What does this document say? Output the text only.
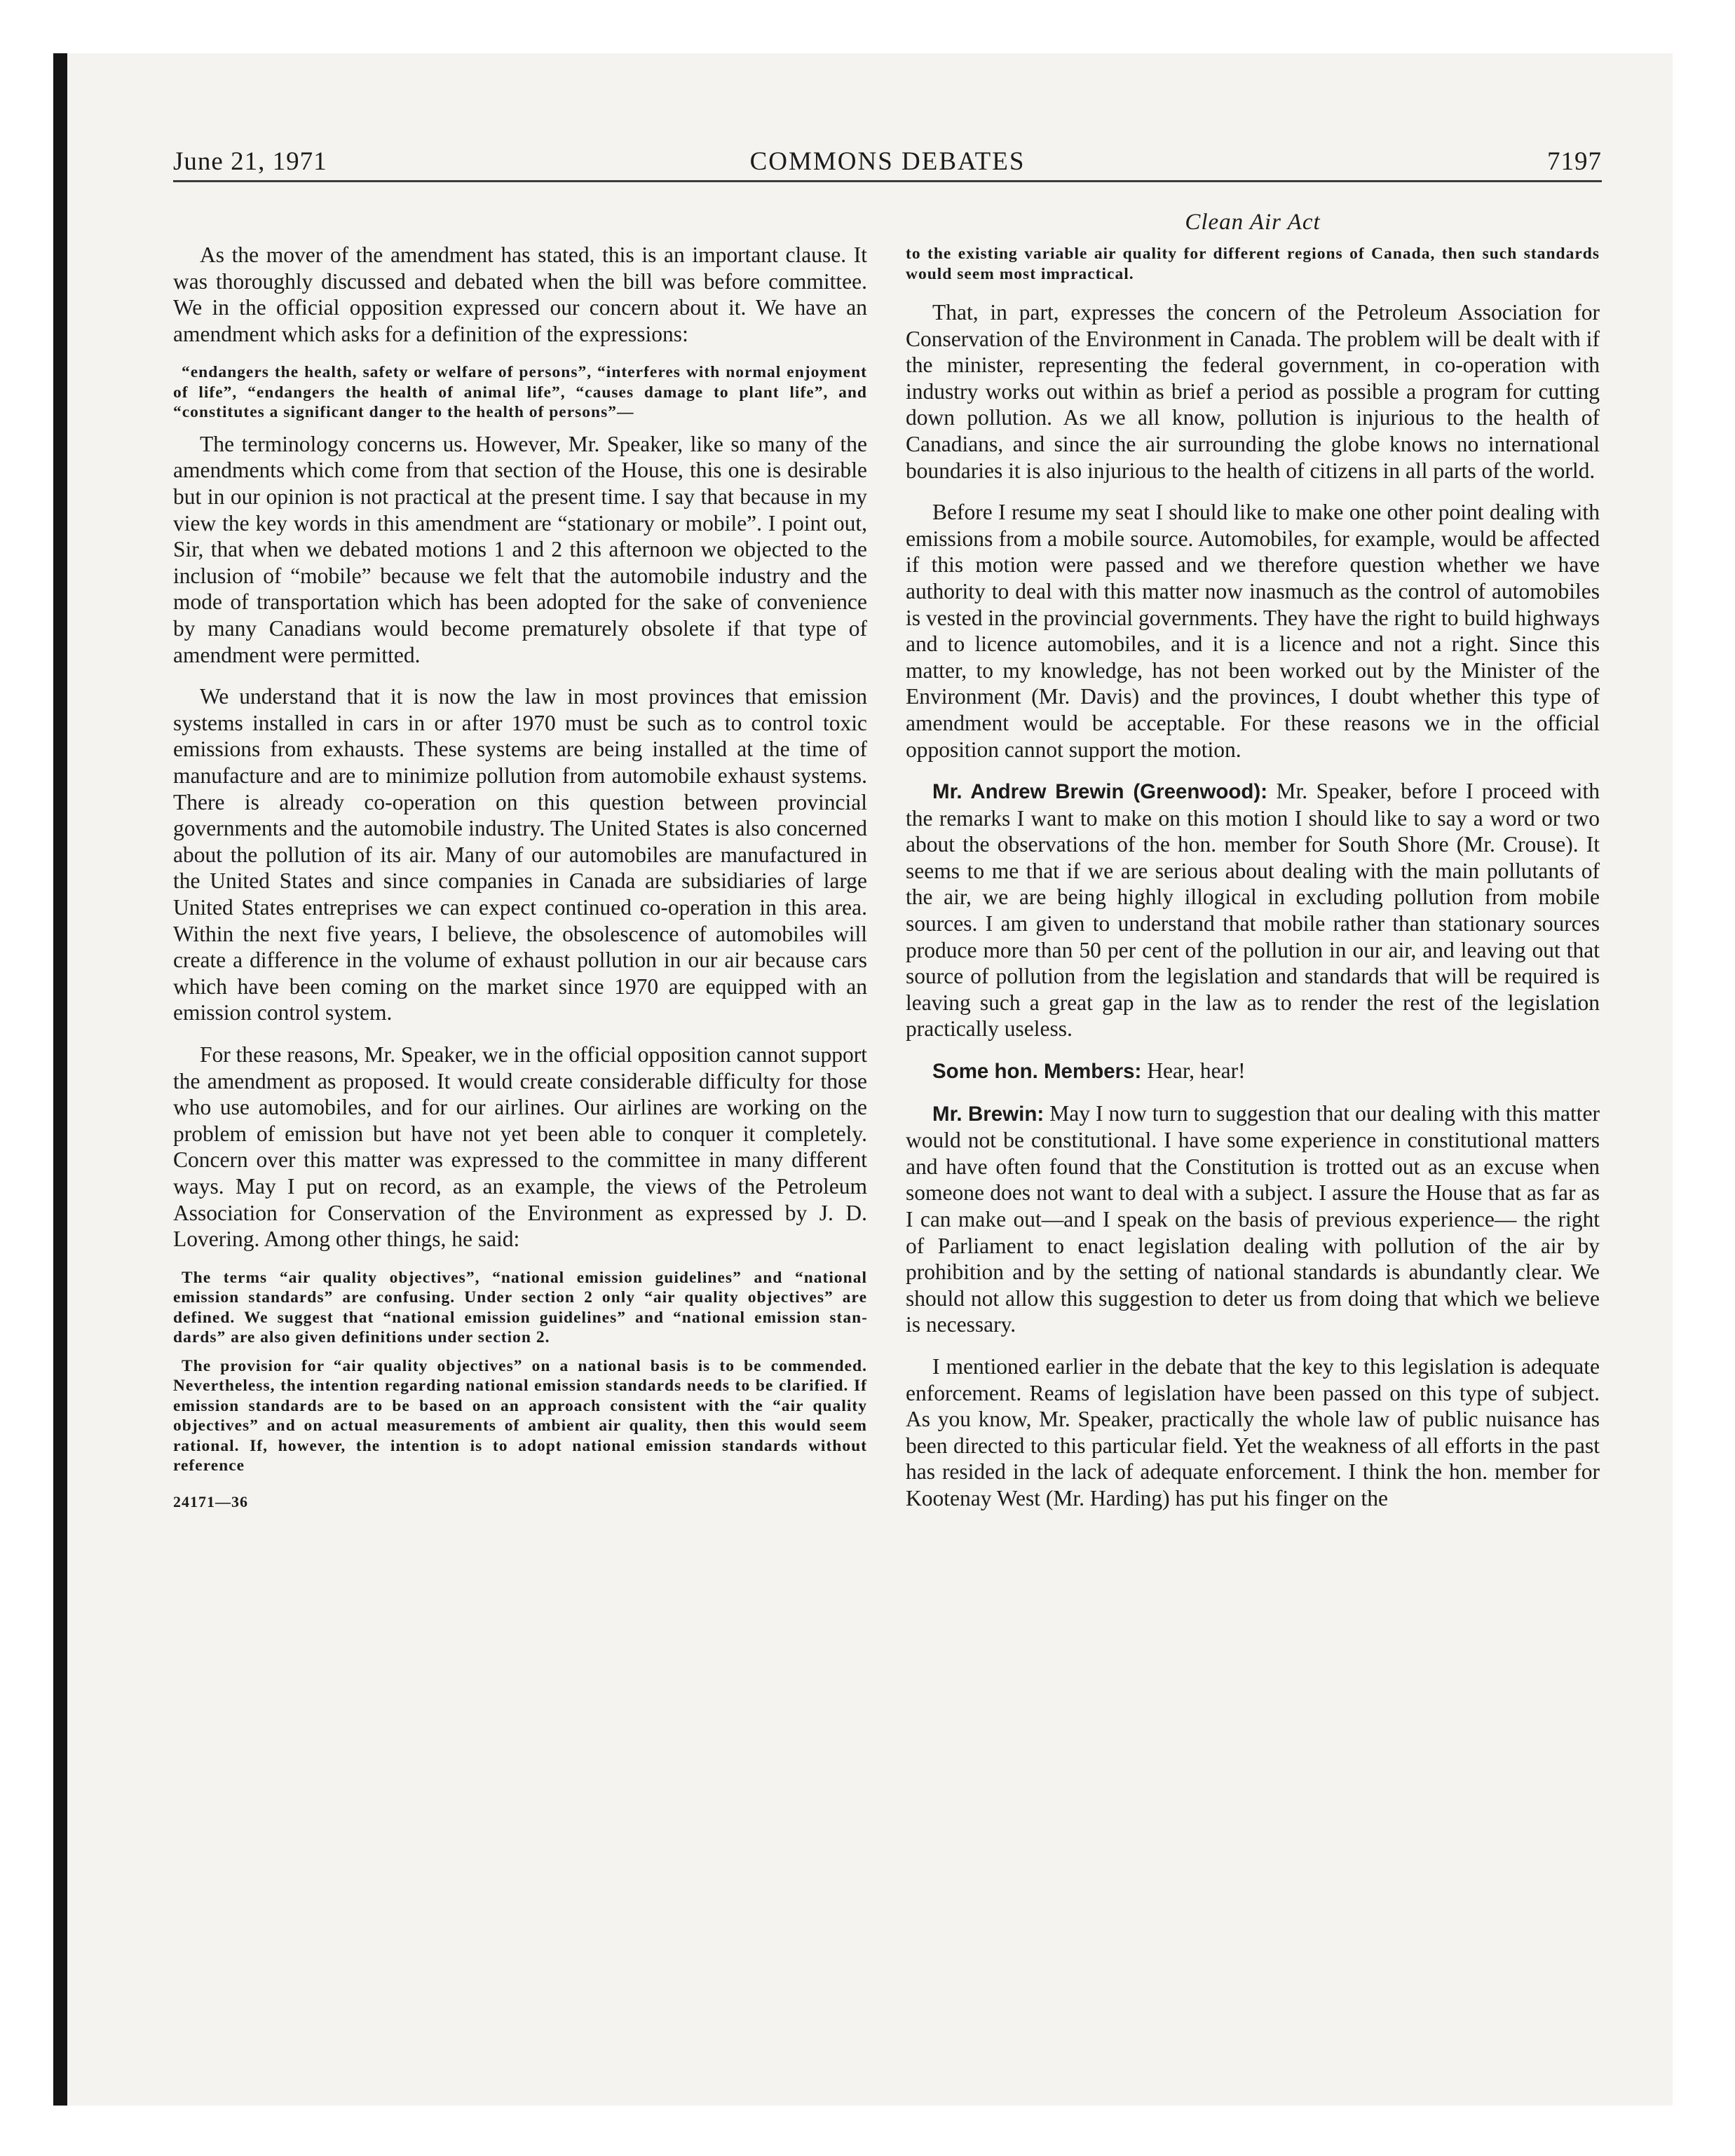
June 21, 1971	COMMONS DEBATES	7197

As the mover of the amendment has stated, this is an important clause. It was thoroughly discussed and debated when the bill was before committee. We in the official opposition expressed our concern about it. We have an amendment which asks for a definition of the expressions:

“endangers the health, safety or welfare of persons”, “interferes with normal enjoyment of life”, “endangers the health of animal life”, “causes damage to plant life”, and “constitutes a significant danger to the health of persons”—

The terminology concerns us. However, Mr. Speaker, like so many of the amendments which come from that section of the House, this one is desirable but in our opinion is not practical at the present time. I say that because in my view the key words in this amendment are “stationary or mobile”. I point out, Sir, that when we debated motions 1 and 2 this afternoon we objected to the inclusion of “mobile” because we felt that the automobile industry and the mode of transportation which has been adopted for the sake of convenience by many Canadians would become prematurely obsolete if that type of amendment were permitted.

We understand that it is now the law in most provinces that emission systems installed in cars in or after 1970 must be such as to control toxic emissions from exhausts. These systems are being installed at the time of manufacture and are to minimize pollution from automobile exhaust systems. There is already co-operation on this question between provincial governments and the automobile industry. The United States is also concerned about the pollution of its air. Many of our automobiles are manufactured in the United States and since companies in Canada are subsidiaries of large United States entreprises we can expect continued co-operation in this area. Within the next five years, I believe, the obsolescence of automobiles will create a difference in the volume of exhaust pollution in our air because cars which have been coming on the market since 1970 are equipped with an emission control system.

For these reasons, Mr. Speaker, we in the official opposition cannot support the amendment as proposed. It would create considerable difficulty for those who use automobiles, and for our airlines. Our airlines are working on the problem of emission but have not yet been able to conquer it completely. Concern over this matter was expressed to the committee in many different ways. May I put on record, as an example, the views of the Petroleum Association for Conservation of the Environment as expressed by J. D. Lovering. Among other things, he said:

The terms “air quality objectives”, “national emission guidelines” and “national emission standards” are confusing. Under section 2 only “air quality objectives” are defined. We suggest that “national emission guidelines” and “national emission standards” are also given definitions under section 2.

The provision for “air quality objectives” on a national basis is to be commended. Nevertheless, the intention regarding national emission standards needs to be clarified. If emission standards are to be based on an approach consistent with the “air quality objectives” and on actual measurements of ambient air quality, then this would seem rational. If, however, the intention is to adopt national emission standards without reference

24171—36
Clean Air Act

to the existing variable air quality for different regions of Canada, then such standards would seem most impractical.

That, in part, expresses the concern of the Petroleum Association for Conservation of the Environment in Canada. The problem will be dealt with if the minister, representing the federal government, in co-operation with industry works out within as brief a period as possible a program for cutting down pollution. As we all know, pollution is injurious to the health of Canadians, and since the air surrounding the globe knows no international boundaries it is also injurious to the health of citizens in all parts of the world.

Before I resume my seat I should like to make one other point dealing with emissions from a mobile source. Automobiles, for example, would be affected if this motion were passed and we therefore question whether we have authority to deal with this matter now inasmuch as the control of automobiles is vested in the provincial governments. They have the right to build highways and to licence automobiles, and it is a licence and not a right. Since this matter, to my knowledge, has not been worked out by the Minister of the Environment (Mr. Davis) and the provinces, I doubt whether this type of amendment would be acceptable. For these reasons we in the official opposition cannot support the motion.

Mr. Andrew Brewin (Greenwood): Mr. Speaker, before I proceed with the remarks I want to make on this motion I should like to say a word or two about the observations of the hon. member for South Shore (Mr. Crouse). It seems to me that if we are serious about dealing with the main pollutants of the air, we are being highly illogical in excluding pollution from mobile sources. I am given to understand that mobile rather than stationary sources produce more than 50 per cent of the pollution in our air, and leaving out that source of pollution from the legislation and standards that will be required is leaving such a great gap in the law as to render the rest of the legislation practically useless.

Some hon. Members: Hear, hear!

Mr. Brewin: May I now turn to suggestion that our dealing with this matter would not be constitutional. I have some experience in constitutional matters and have often found that the Constitution is trotted out as an excuse when someone does not want to deal with a subject. I assure the House that as far as I can make out—and I speak on the basis of previous experience— the right of Parliament to enact legislation dealing with pollution of the air by prohibition and by the setting of national standards is abundantly clear. We should not allow this suggestion to deter us from doing that which we believe is necessary.

I mentioned earlier in the debate that the key to this legislation is adequate enforcement. Reams of legislation have been passed on this type of subject. As you know, Mr. Speaker, practically the whole law of public nuisance has been directed to this particular field. Yet the weakness of all efforts in the past has resided in the lack of adequate enforcement. I think the hon. member for Kootenay West (Mr. Harding) has put his finger on the
